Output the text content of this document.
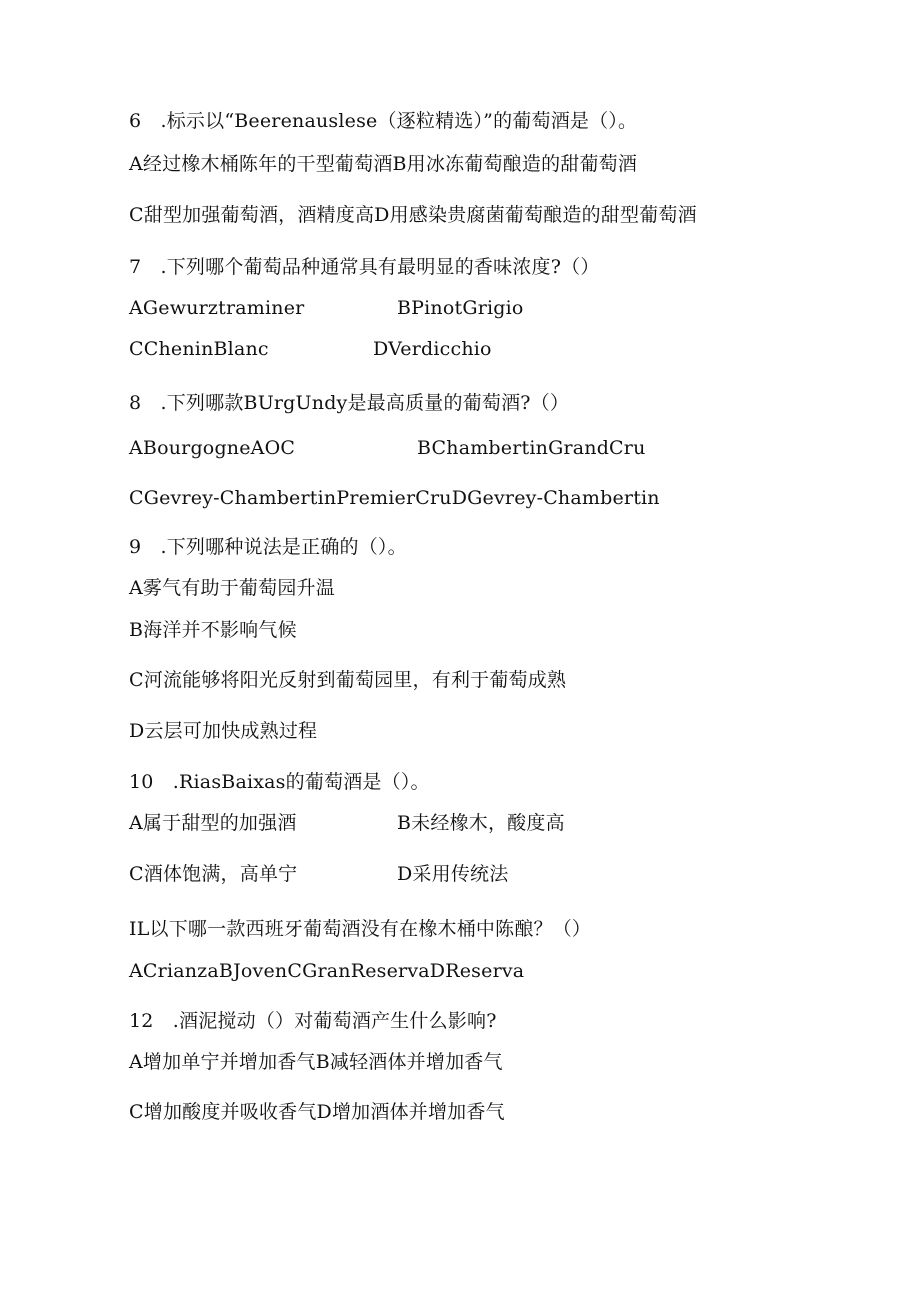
6 .标示以“Beerenauslese（逐粒精选）”的葡萄酒是（）。
A经过橡木桶陈年的干型葡萄酒B用冰冻葡萄酿造的甜葡萄酒
C甜型加强葡萄酒，酒精度高D用感染贵腐菌葡萄酿造的甜型葡萄酒
7 .下列哪个葡萄品种通常具有最明显的香味浓度?（）
AGewurztraminer	BPinotGrigio
CCheninBlanc	DVerdicchio
8 .下列哪款BUrgUndy是最高质量的葡萄酒?（）
ABourgogneAOC	BChambertinGrandCru
CGevrey-ChambertinPremierCruDGevrey-Chambertin
9 .下列哪种说法是正确的（）。
A雾气有助于葡萄园升温
B海洋并不影响气候
C河流能够将阳光反射到葡萄园里，有利于葡萄成熟
D云层可加快成熟过程
10 .RiasBaixas的葡萄酒是（）。
A属于甜型的加强酒	B未经橡木，酸度高
C酒体饱满，高单宁	D采用传统法
IL以下哪一款西班牙葡萄酒没有在橡木桶中陈酿？（）
ACrianzaBJovenCGranReservaDReserva
12 .酒泥搅动（）对葡萄酒产生什么影响?
A增加单宁并增加香气B减轻酒体并增加香气
C增加酸度并吸收香气D增加酒体并增加香气
